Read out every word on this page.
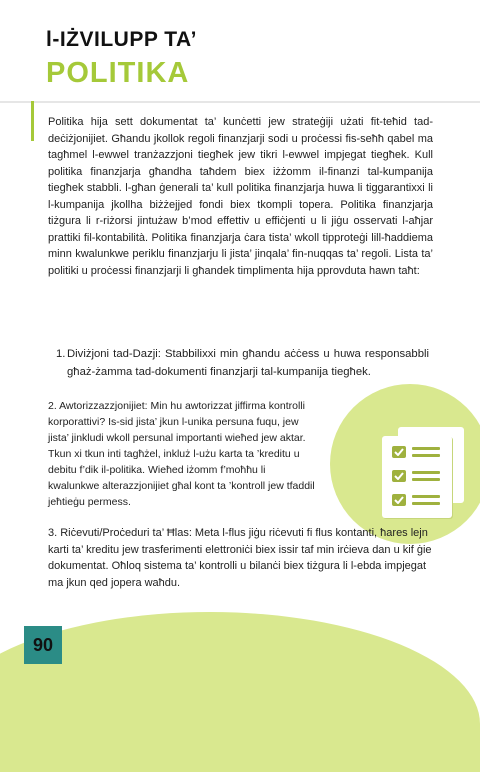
l-IŻVILUPP TA’
POLITIKA

Politika hija sett dokumentat ta’ kunċetti jew strateġiji użati fit-teħid tad-deċiżjonijiet. Għandu jkollok regoli finanzjarji sodi u proċessi fis-seħħ qabel ma tagħmel l-ewwel tranżazzjoni tiegħek jew tikri l-ewwel impjegat tiegħek. Kull politika finanzjarja għandha taħdem biex iżżomm il-finanzi tal-kumpanija tiegħek stabbli. l-għan ġenerali ta’ kull politika finanzjarja huwa li tiggarantixxi li l-kumpanija jkollha biżżejjed fondi biex tkompli topera. Politika finanzjarja tiżgura li r-riżorsi jintużaw b’mod effettiv u effiċjenti u li jiġu osservati l-aħjar prattiki fil-kontabilità. Politika finanzjarja ċara tista’ wkoll tipproteġi lill-ħaddiema minn kwalunkwe periklu finanzjarju li jista’ jinqala’ fin-nuqqas ta’ regoli. Lista ta’ politiki u proċessi finanzjarji li għandek timplimenta hija pprovduta hawn taħt:

1. Diviżjoni tad-Dazji: Stabbilixxi min għandu aċċess u huwa responsabbli għaż-żamma tad-dokumenti finanzjarji tal-kumpanija tiegħek.

2. Awtorizzazzjonijiet: Min hu awtorizzat jiffirma kontrolli korporattivi? Is-sid jista’ jkun l-unika persuna fuqu, jew jista’ jinkludi wkoll persunal importanti wieħed jew aktar. Tkun xi tkun inti tagħżel, inkluż l-użu karta ta ’kreditu u debitu f’dik il-politika. Wieħed iżomm f’moħħu li kwalunkwe alterazzjonijiet għal kont ta ’kontroll jew tfaddil jeħtieġu permess.

3. Riċevuti/Proċeduri ta’ Ħlas: Meta l-flus jiġu riċevuti fi flus kontanti, ħares lejn karti ta’ kreditu jew trasferimenti elettroniċi biex issir taf min irċieva dan u kif ġie dokumentat. Oħloq sistema ta’ kontrolli u bilanċi biex tiżgura li l-ebda impjegat ma jkun qed jopera waħdu.

90
